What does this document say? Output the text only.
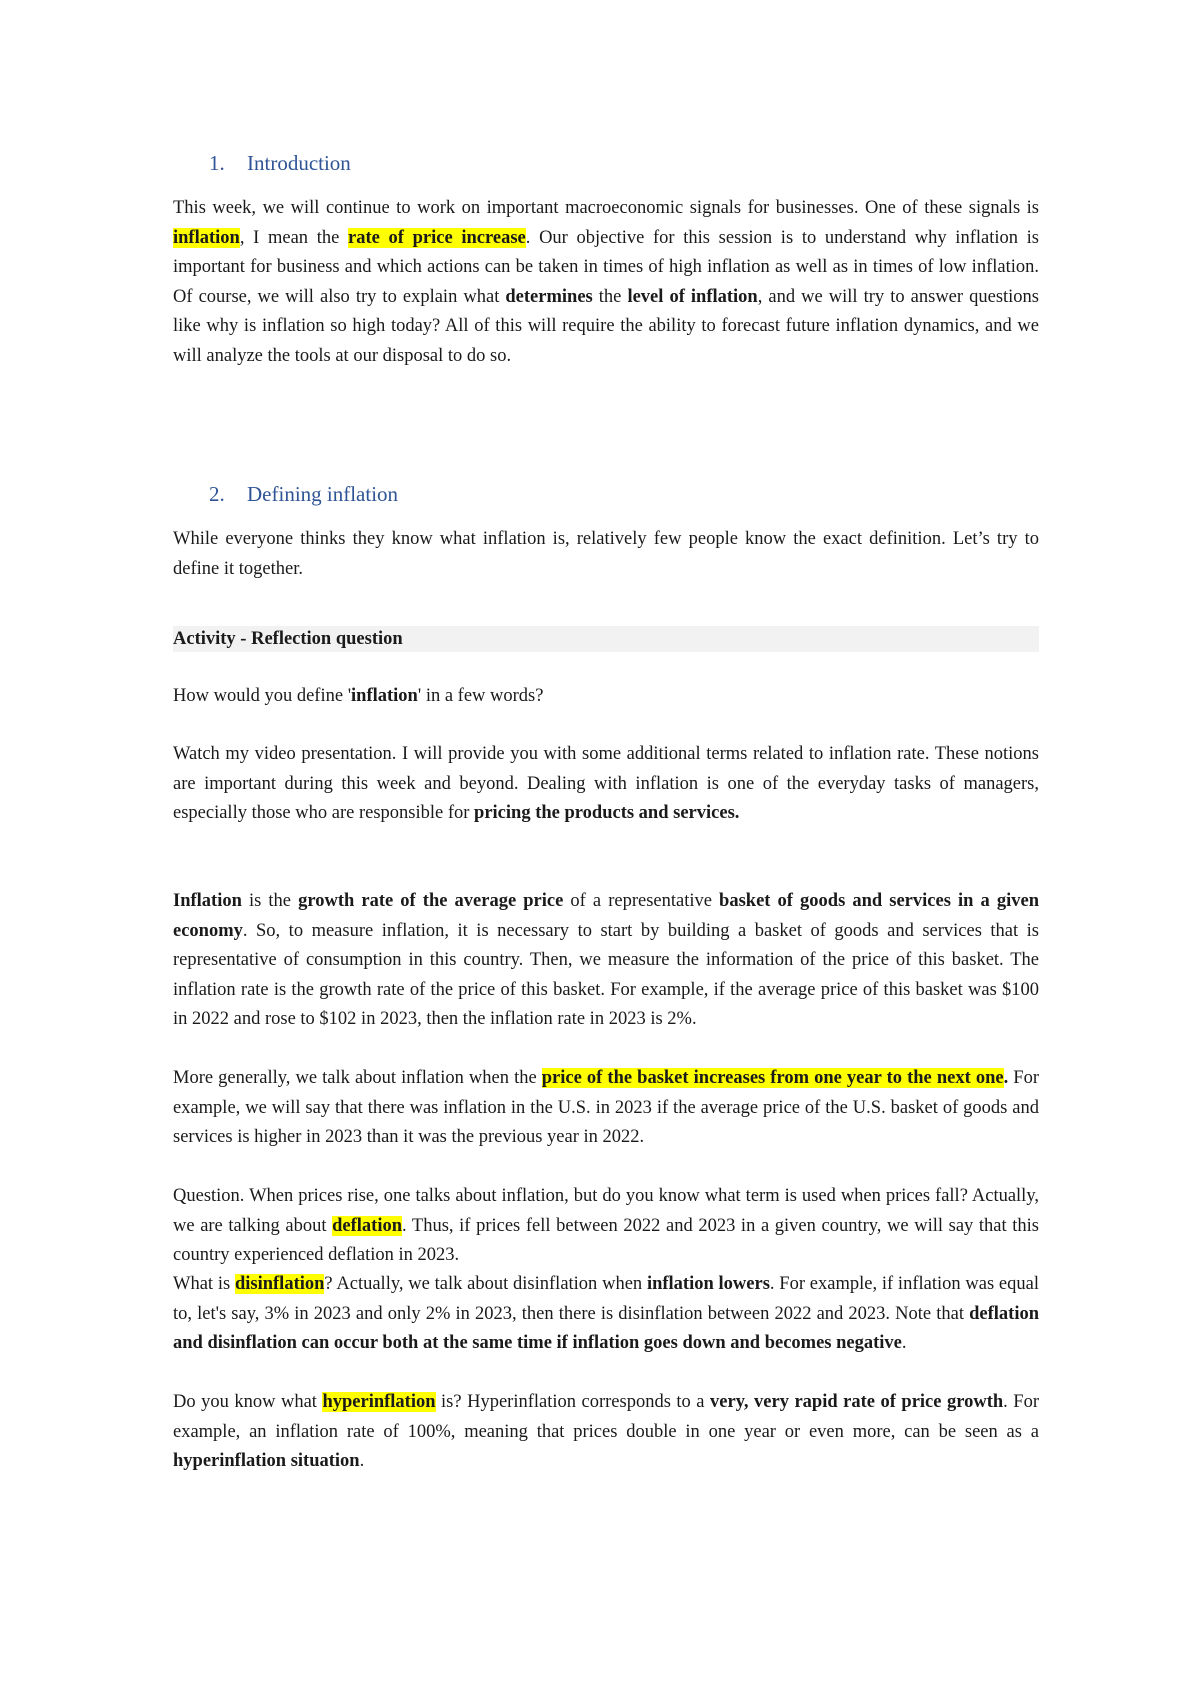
1. Introduction

This week, we will continue to work on important macroeconomic signals for businesses. One of these signals is inflation, I mean the rate of price increase. Our objective for this session is to understand why inflation is important for business and which actions can be taken in times of high inflation as well as in times of low inflation. Of course, we will also try to explain what determines the level of inflation, and we will try to answer questions like why is inflation so high today? All of this will require the ability to forecast future inflation dynamics, and we will analyze the tools at our disposal to do so.

2. Defining inflation

While everyone thinks they know what inflation is, relatively few people know the exact definition. Let’s try to define it together.

Activity - Reflection question

How would you define 'inflation' in a few words?

Watch my video presentation. I will provide you with some additional terms related to inflation rate. These notions are important during this week and beyond. Dealing with inflation is one of the everyday tasks of managers, especially those who are responsible for pricing the products and services.

Inflation is the growth rate of the average price of a representative basket of goods and services in a given economy. So, to measure inflation, it is necessary to start by building a basket of goods and services that is representative of consumption in this country. Then, we measure the information of the price of this basket. The inflation rate is the growth rate of the price of this basket. For example, if the average price of this basket was $100 in 2022 and rose to $102 in 2023, then the inflation rate in 2023 is 2%.

More generally, we talk about inflation when the price of the basket increases from one year to the next one. For example, we will say that there was inflation in the U.S. in 2023 if the average price of the U.S. basket of goods and services is higher in 2023 than it was the previous year in 2022.

Question. When prices rise, one talks about inflation, but do you know what term is used when prices fall? Actually, we are talking about deflation. Thus, if prices fell between 2022 and 2023 in a given country, we will say that this country experienced deflation in 2023.

What is disinflation? Actually, we talk about disinflation when inflation lowers. For example, if inflation was equal to, let's say, 3% in 2023 and only 2% in 2023, then there is disinflation between 2022 and 2023. Note that deflation and disinflation can occur both at the same time if inflation goes down and becomes negative.

Do you know what hyperinflation is? Hyperinflation corresponds to a very, very rapid rate of price growth. For example, an inflation rate of 100%, meaning that prices double in one year or even more, can be seen as a hyperinflation situation.
